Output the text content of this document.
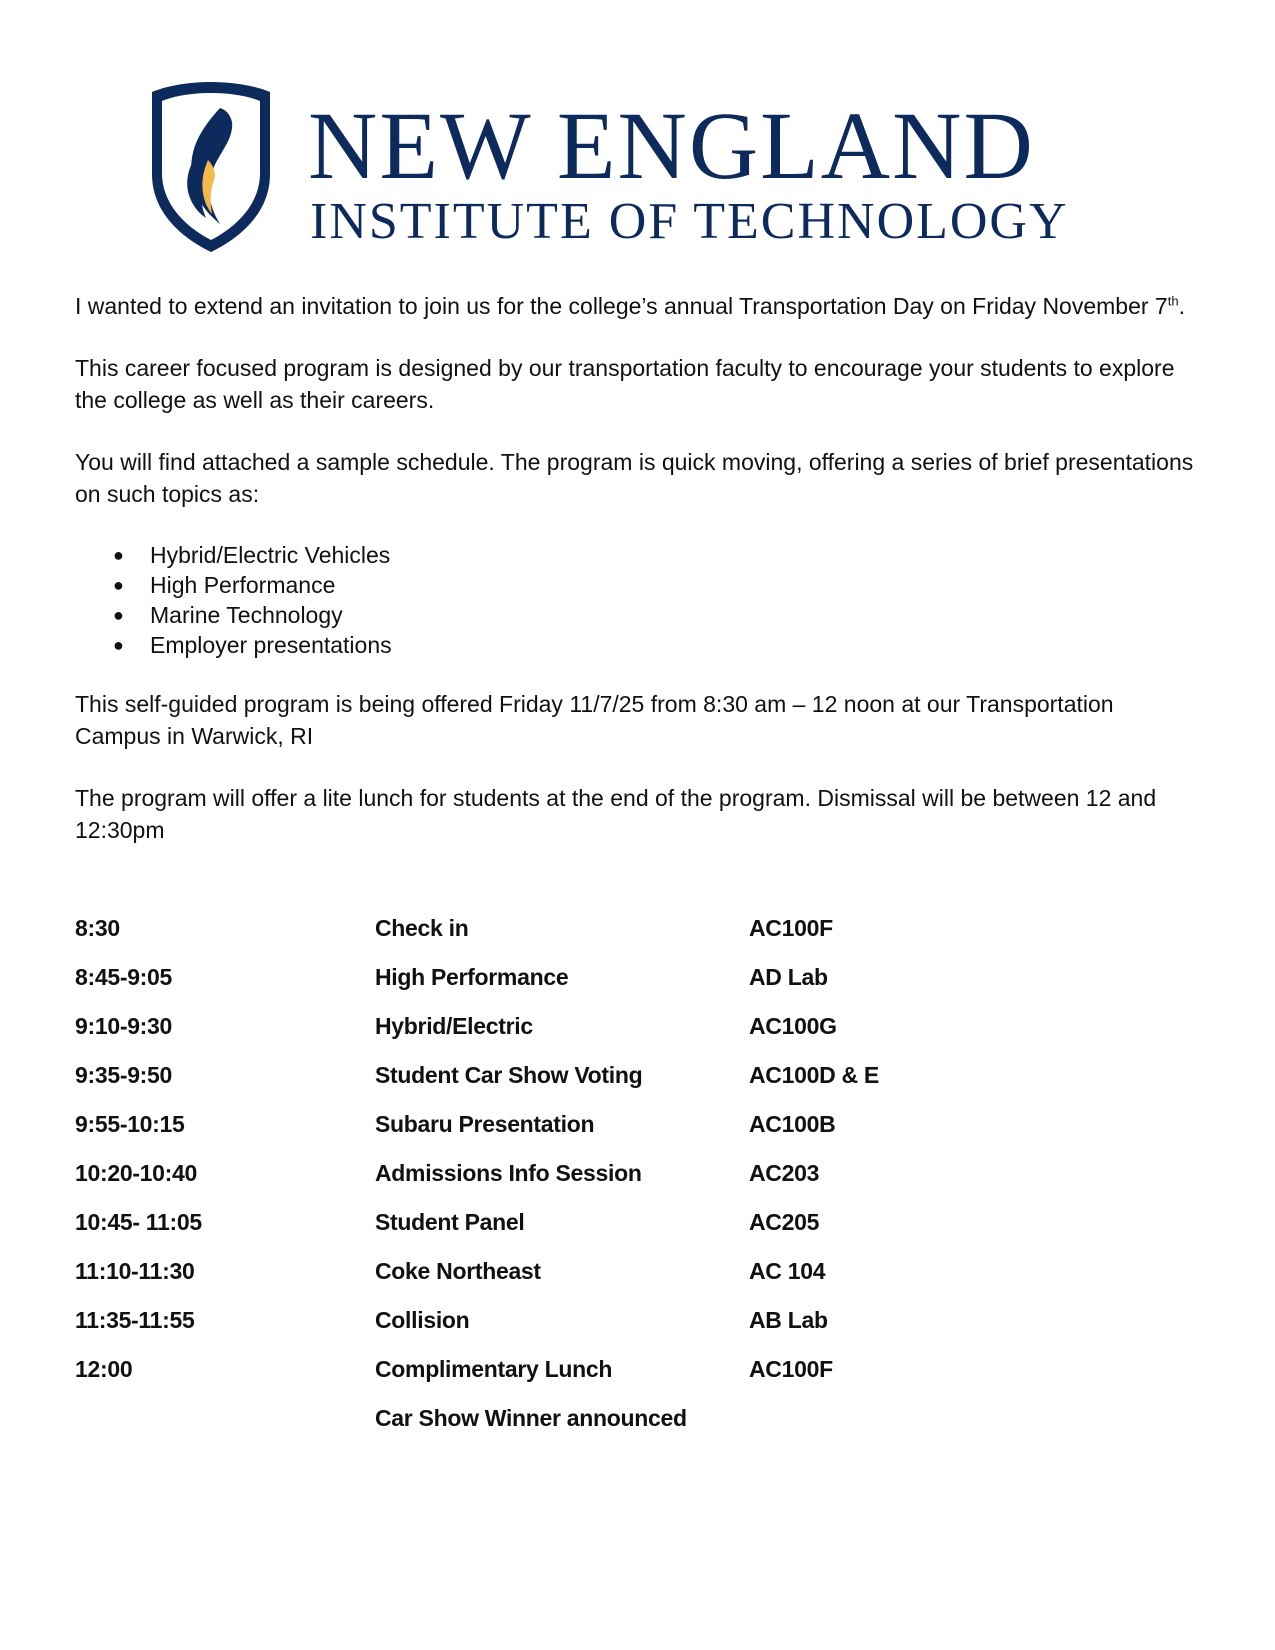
NEW ENGLAND
INSTITUTE OF TECHNOLOGY

I wanted to extend an invitation to join us for the college’s annual Transportation Day on Friday November 7th.

This career focused program is designed by our transportation faculty to encourage your students to explore the college as well as their careers.

You will find attached a sample schedule. The program is quick moving, offering a series of brief presentations on such topics as:

● Hybrid/Electric Vehicles
● High Performance
● Marine Technology
● Employer presentations

This self-guided program is being offered Friday 11/7/25 from 8:30 am – 12 noon at our Transportation Campus in Warwick, RI

The program will offer a lite lunch for students at the end of the program. Dismissal will be between 12 and 12:30pm

8:30	Check in	AC100F
8:45-9:05	High Performance	AD Lab
9:10-9:30	Hybrid/Electric	AC100G
9:35-9:50	Student Car Show Voting	AC100D & E
9:55-10:15	Subaru Presentation	AC100B
10:20-10:40	Admissions Info Session	AC203
10:45- 11:05	Student Panel	AC205
11:10-11:30	Coke Northeast	AC 104
11:35-11:55	Collision	AB Lab
12:00	Complimentary Lunch	AC100F
	Car Show Winner announced	
